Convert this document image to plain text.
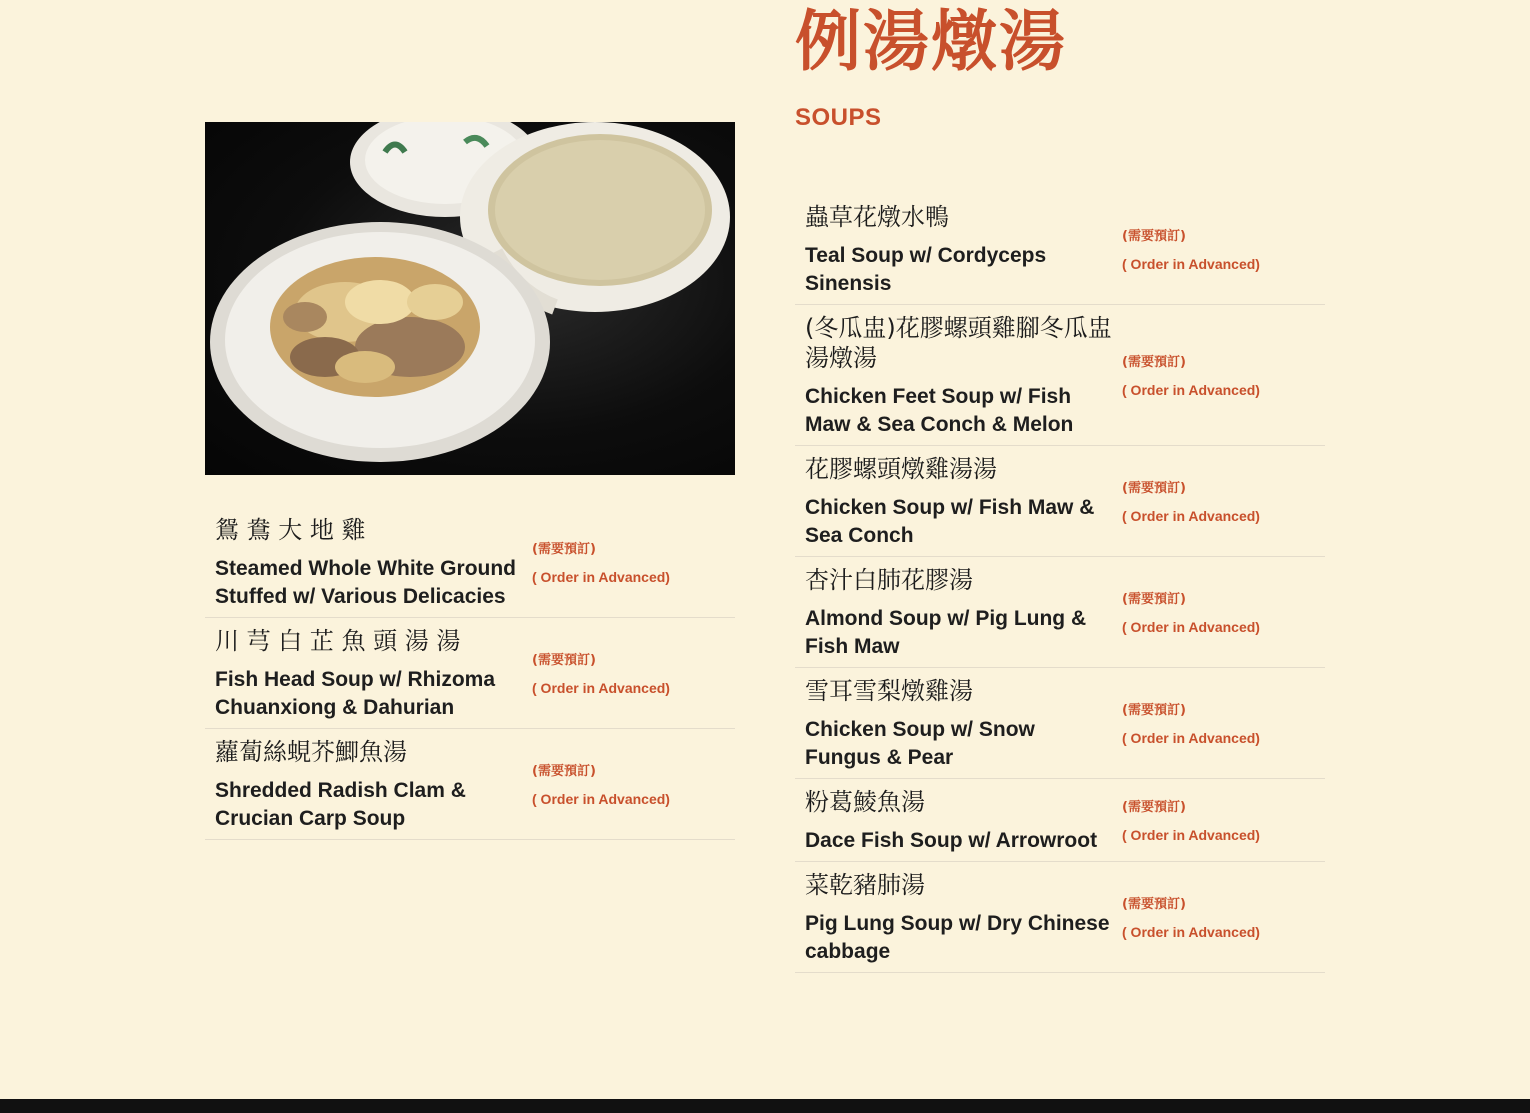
鴛 鴦 大 地 雞
Steamed Whole White Ground Stuffed w/ Various Delicacies
(需要預訂)
( Order in Advanced)
川 芎 白 芷 魚 頭 湯 湯
Fish Head Soup w/ Rhizoma Chuanxiong & Dahurian
(需要預訂)
( Order in Advanced)
蘿蔔絲蜆芥鯽魚湯
Shredded Radish Clam & Crucian Carp Soup
(需要預訂)
( Order in Advanced)
例湯燉湯
SOUPS
蟲草花燉水鴨
Teal Soup w/ Cordyceps Sinensis
(需要預訂)
( Order in Advanced)
(冬瓜盅)花膠螺頭雞腳冬瓜盅湯燉湯
Chicken Feet Soup w/ Fish Maw & Sea Conch & Melon
(需要預訂)
( Order in Advanced)
花膠螺頭燉雞湯湯
Chicken Soup w/ Fish Maw & Sea Conch
(需要預訂)
( Order in Advanced)
杏汁白肺花膠湯
Almond Soup w/ Pig Lung & Fish Maw
(需要預訂)
( Order in Advanced)
雪耳雪梨燉雞湯
Chicken Soup w/ Snow Fungus & Pear
(需要預訂)
( Order in Advanced)
粉葛鯪魚湯
Dace Fish Soup w/ Arrowroot
(需要預訂)
( Order in Advanced)
菜乾豬肺湯
Pig Lung Soup w/ Dry Chinese cabbage
(需要預訂)
( Order in Advanced)
